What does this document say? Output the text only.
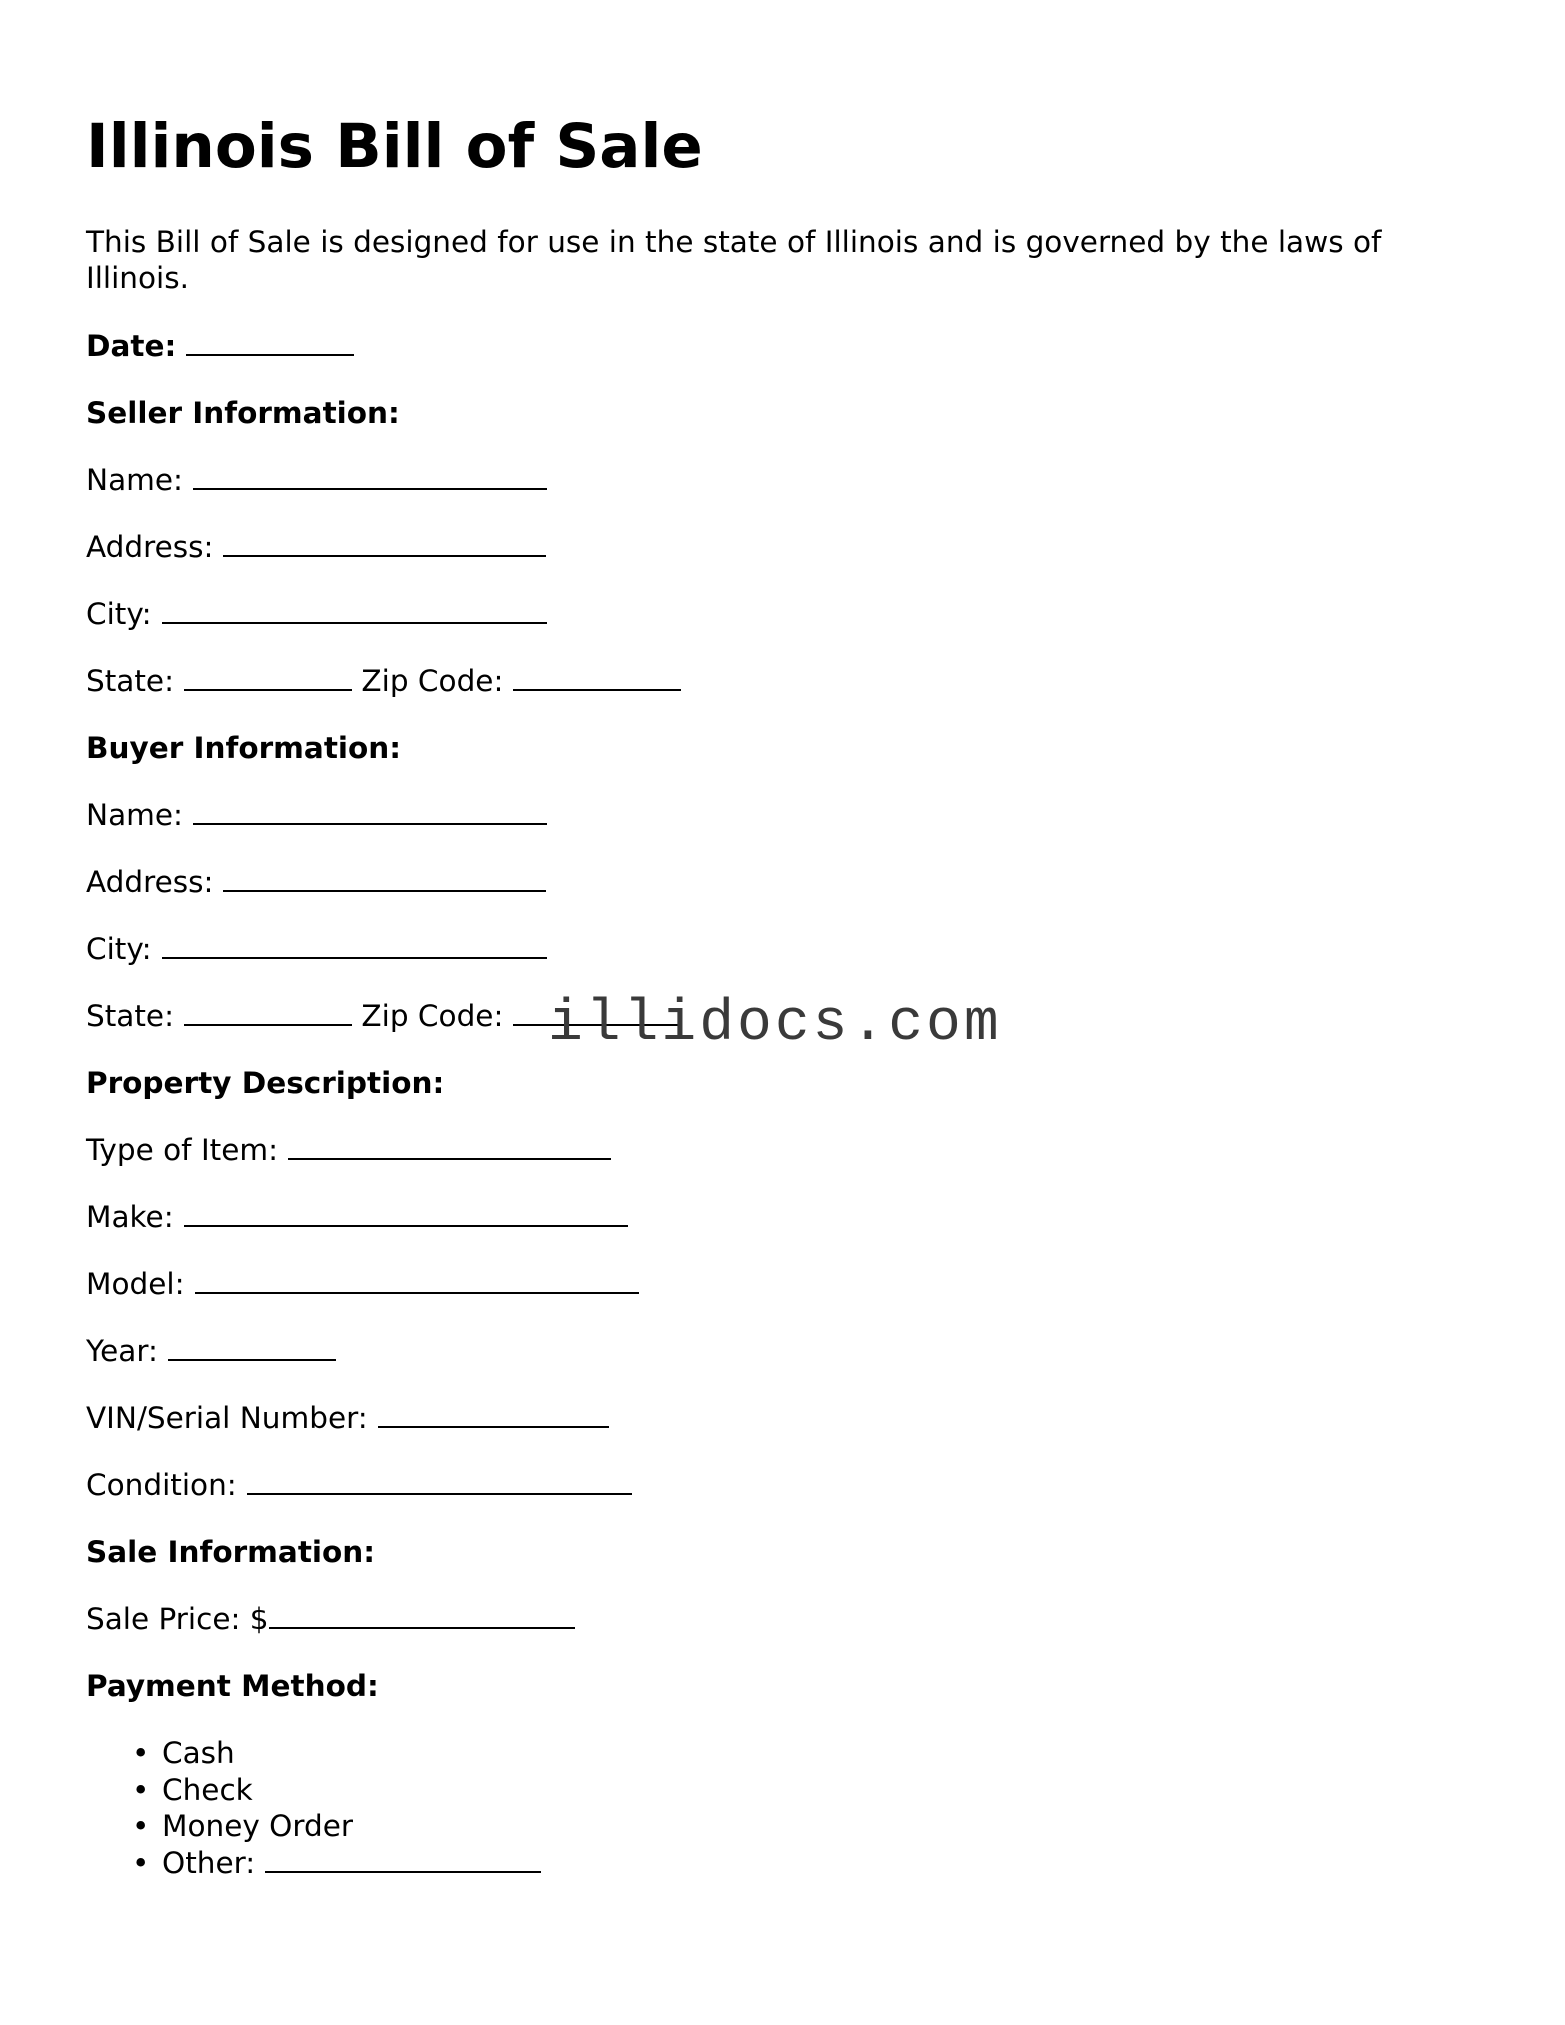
Illinois Bill of Sale

This Bill of Sale is designed for use in the state of Illinois and is governed by the laws of Illinois.

Date:
Seller Information:
Name:
Address:
City:
State:	Zip Code:
Buyer Information:
Name:
Address:
City:
State:	Zip Code:
Property Description:
Type of Item:
Make:
Model:
Year:
VIN/Serial Number:
Condition:
Sale Information:
Sale Price: $
Payment Method:
• Cash
• Check
• Money Order
• Other:
illidocs.com
